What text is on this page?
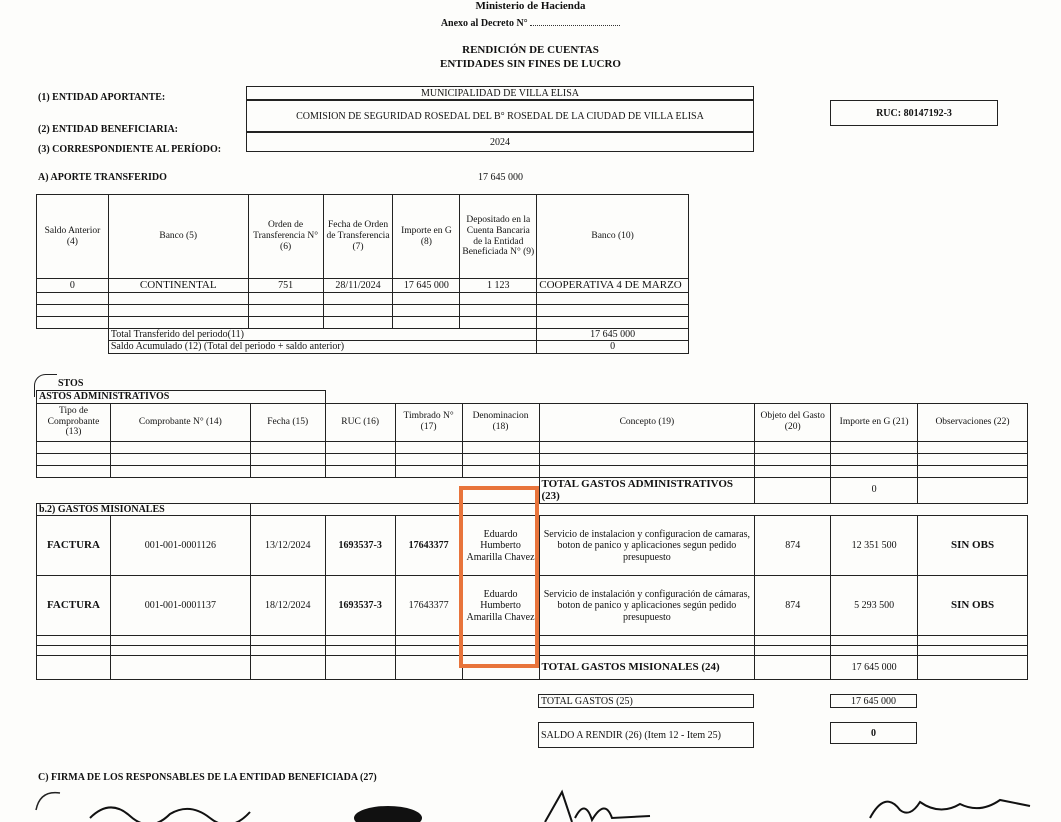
Ministerio de Hacienda
Anexo al Decreto N°
RENDICIÓN DE CUENTAS
ENTIDADES SIN FINES DE LUCRO
(1) ENTIDAD APORTANTE:
(2) ENTIDAD BENEFICIARIA:
(3) CORRESPONDIENTE AL PERÍODO:
MUNICIPALIDAD DE VILLA ELISA
COMISION DE SEGURIDAD ROSEDAL DEL B° ROSEDAL DE LA CIUDAD DE VILLA ELISA
2024
RUC: 80147192-3
A) APORTE TRANSFERIDO	17 645 000
Saldo Anterior (4)	Banco (5)	Orden de Transferencia N° (6)	Fecha de Orden de Transferencia (7)	Importe en G (8)	Depositado en la Cuenta Bancaria de la Entidad Beneficiada N° (9)	Banco (10)
0	CONTINENTAL	751	28/11/2024	17 645 000	1 123	COOPERATIVA 4 DE MARZO

	Total Transferido del periodo(11)					17 645 000
	Saldo Acumulado (12) (Total del periodo + saldo anterior)					0
STOS
ASTOS ADMINISTRATIVOS									
Tipo de Comprobante (13)	Comprobante N° (14)	Fecha (15)	RUC (16)	Timbrado N° (17)	Denominacion (18)	Concepto (19)	Objeto del Gasto (20)	Importe en G (21)	Observaciones (22)

						TOTAL GASTOS ADMINISTRATIVOS (23)		0	
b.2) GASTOS MISIONALES									
FACTURA	001-001-0001126	13/12/2024	1693537-3	17643377	Eduardo Humberto Amarilla Chavez	Servicio de instalacion y configuracion de camaras, boton de panico y aplicaciones segun pedido presupuesto	874	12 351 500	SIN OBS
FACTURA	001-001-0001137	18/12/2024	1693537-3	17643377	Eduardo Humberto Amarilla Chavez	Servicio de instalación y configuración de cámaras, boton de panico y aplicaciones según pedido presupuesto	874	5 293 500	SIN OBS

						TOTAL GASTOS MISIONALES (24)		17 645 000	
TOTAL GASTOS (25)	17 645 000
SALDO A RENDIR (26) (Item 12 - Item 25)	0
C) FIRMA DE LOS RESPONSABLES DE LA ENTIDAD BENEFICIADA (27)
